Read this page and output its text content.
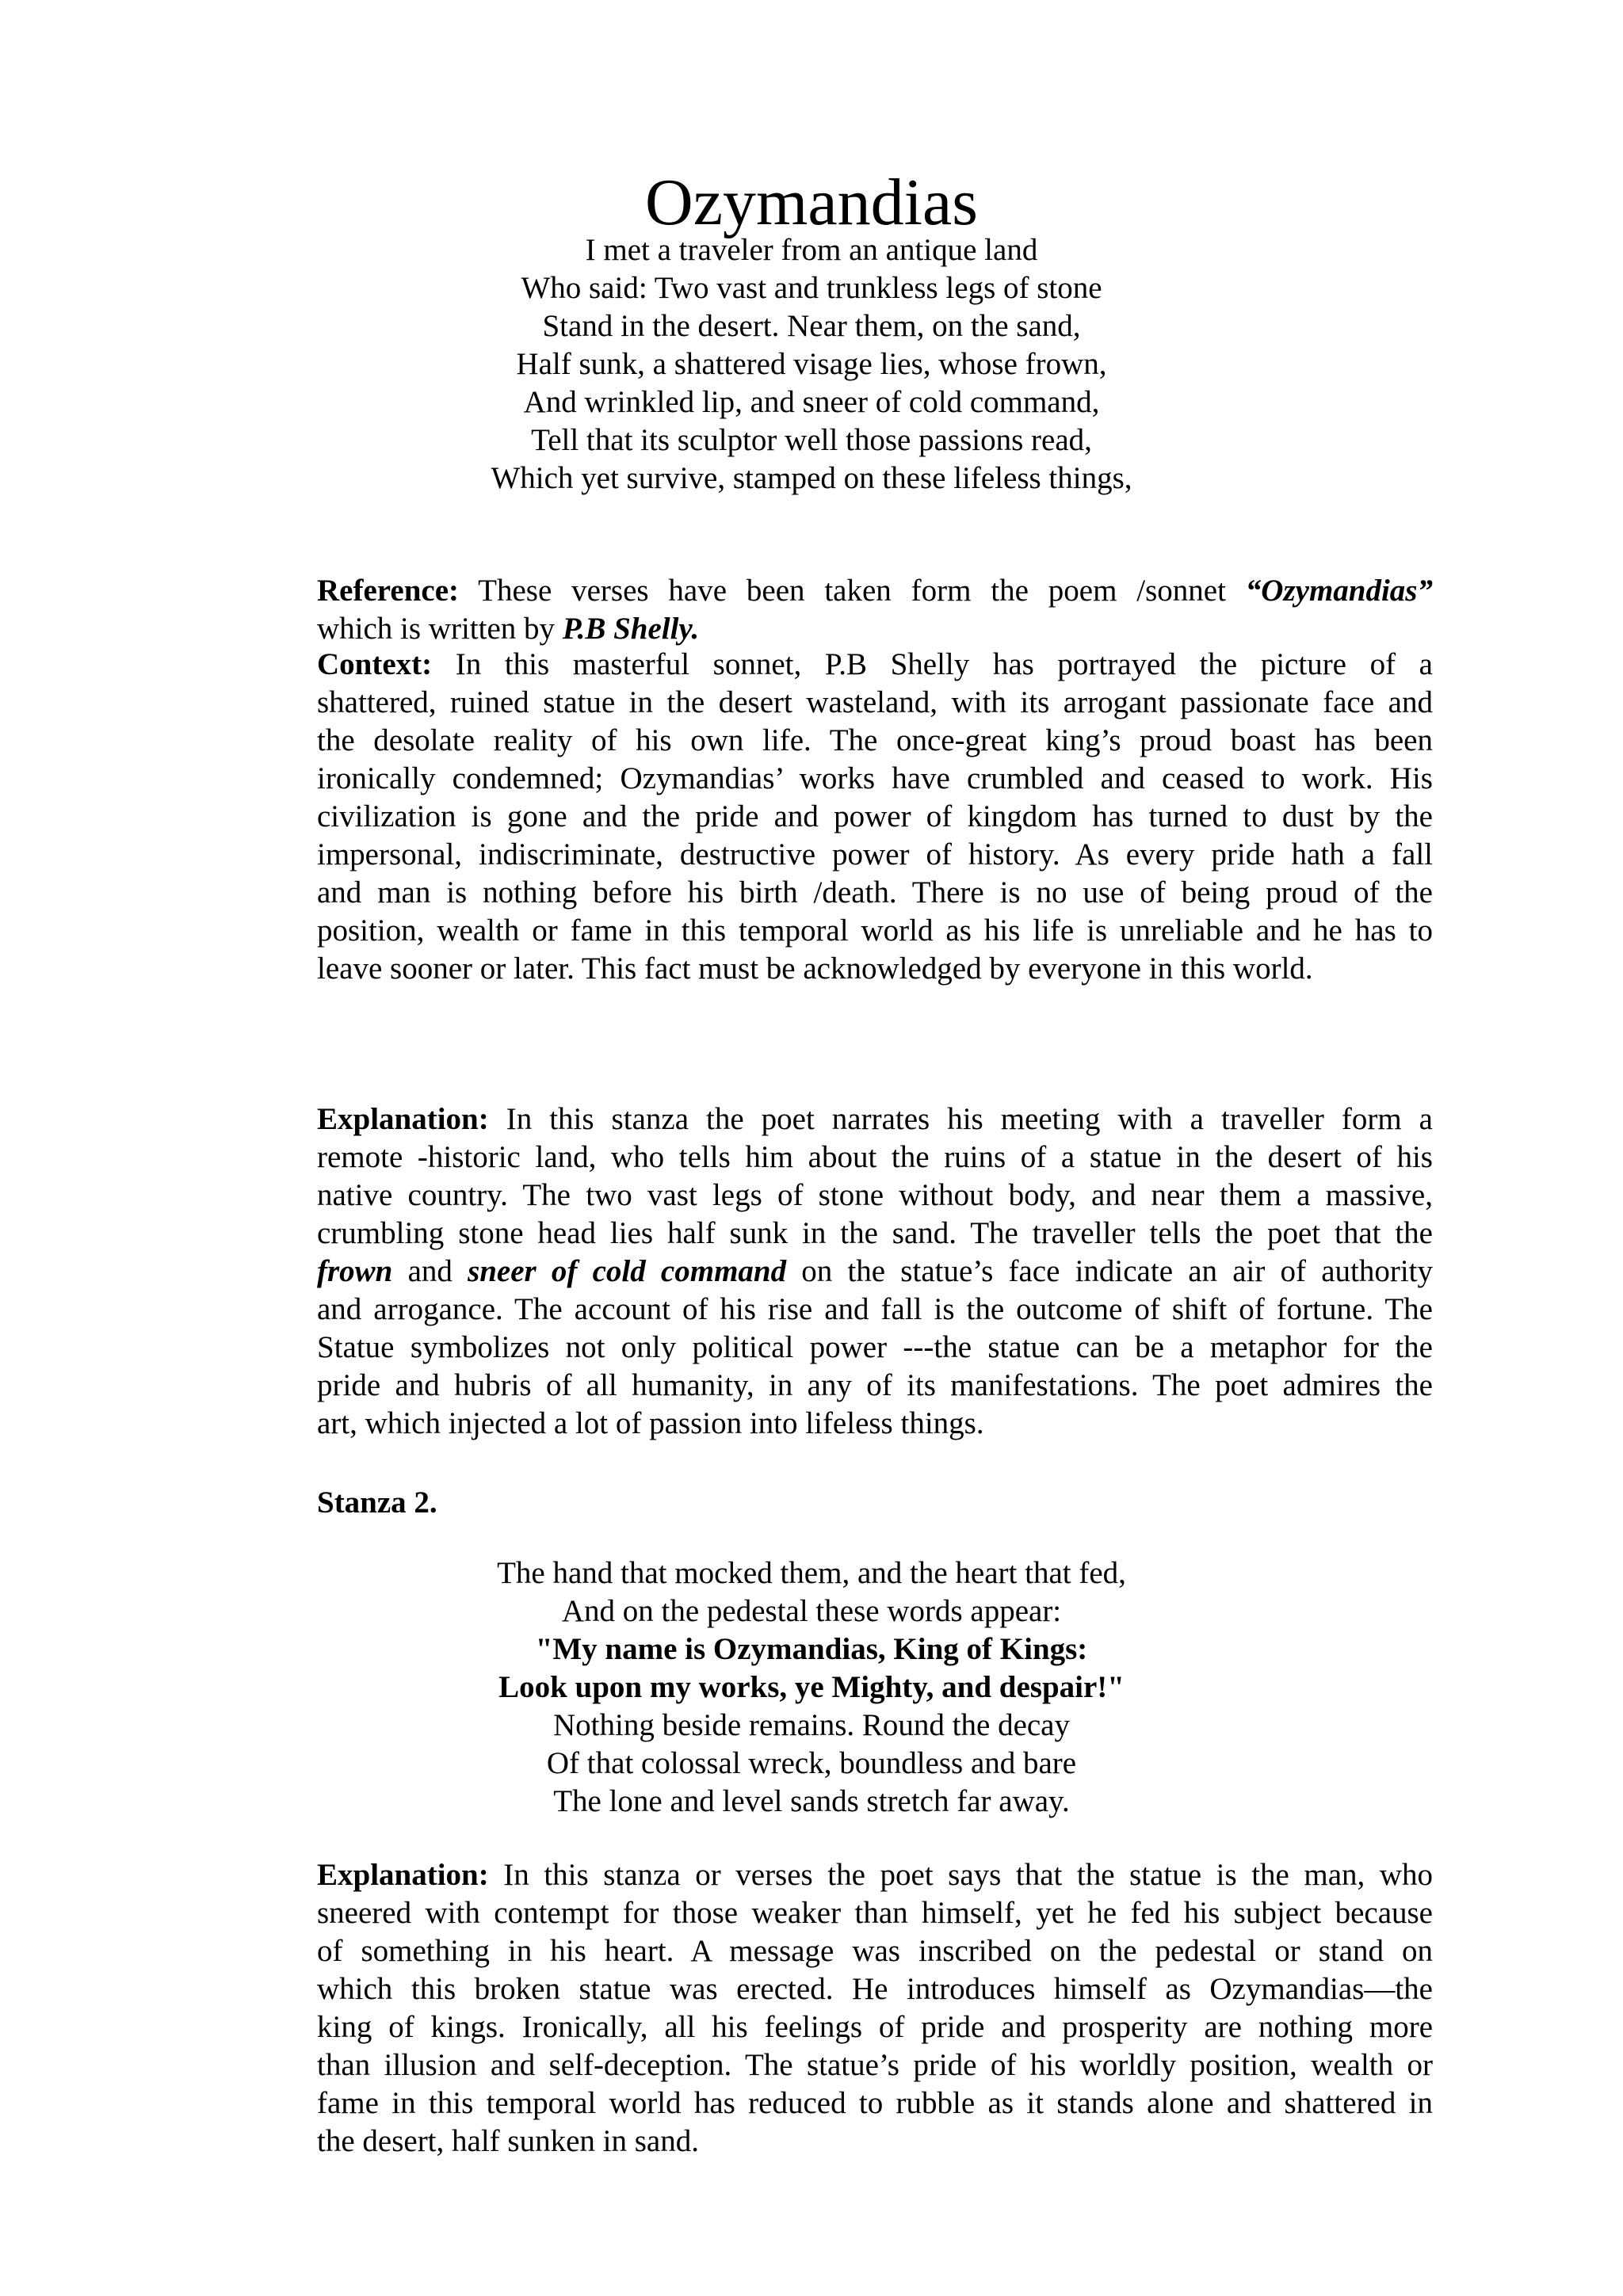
Ozymandias
I met a traveler from an antique land
Who said: Two vast and trunkless legs of stone
Stand in the desert. Near them, on the sand,
Half sunk, a shattered visage lies, whose frown,
And wrinkled lip, and sneer of cold command,
Tell that its sculptor well those passions read,
Which yet survive, stamped on these lifeless things,
Reference: These verses have been taken form the poem /sonnet “Ozymandias”
which is written by P.B Shelly.
Context: In this masterful sonnet, P.B Shelly has portrayed the picture of a
shattered, ruined statue in the desert wasteland, with its arrogant passionate face and
the desolate reality of his own life. The once-great king’s proud boast has been
ironically condemned; Ozymandias’ works have crumbled and ceased to work. His
civilization is gone and the pride and power of kingdom has turned to dust by the
impersonal, indiscriminate, destructive power of history. As every pride hath a fall
and man is nothing before his birth /death. There is no use of being proud of the
position, wealth or fame in this temporal world as his life is unreliable and he has to
leave sooner or later. This fact must be acknowledged by everyone in this world.
Explanation: In this stanza the poet narrates his meeting with a traveller form a
remote -historic land, who tells him about the ruins of a statue in the desert of his
native country. The two vast legs of stone without body, and near them a massive,
crumbling stone head lies half sunk in the sand. The traveller tells the poet that the
frown and sneer of cold command on the statue’s face indicate an air of authority
and arrogance. The account of his rise and fall is the outcome of shift of fortune. The
Statue symbolizes not only political power ---the statue can be a metaphor for the
pride and hubris of all humanity, in any of its manifestations. The poet admires the
art, which injected a lot of passion into lifeless things.
Stanza 2.
The hand that mocked them, and the heart that fed,
And on the pedestal these words appear:
"My name is Ozymandias, King of Kings:
Look upon my works, ye Mighty, and despair!"
Nothing beside remains. Round the decay
Of that colossal wreck, boundless and bare
The lone and level sands stretch far away.
Explanation: In this stanza or verses the poet says that the statue is the man, who
sneered with contempt for those weaker than himself, yet he fed his subject because
of something in his heart. A message was inscribed on the pedestal or stand on
which this broken statue was erected. He introduces himself as Ozymandias—the
king of kings. Ironically, all his feelings of pride and prosperity are nothing more
than illusion and self-deception. The statue’s pride of his worldly position, wealth or
fame in this temporal world has reduced to rubble as it stands alone and shattered in
the desert, half sunken in sand.
